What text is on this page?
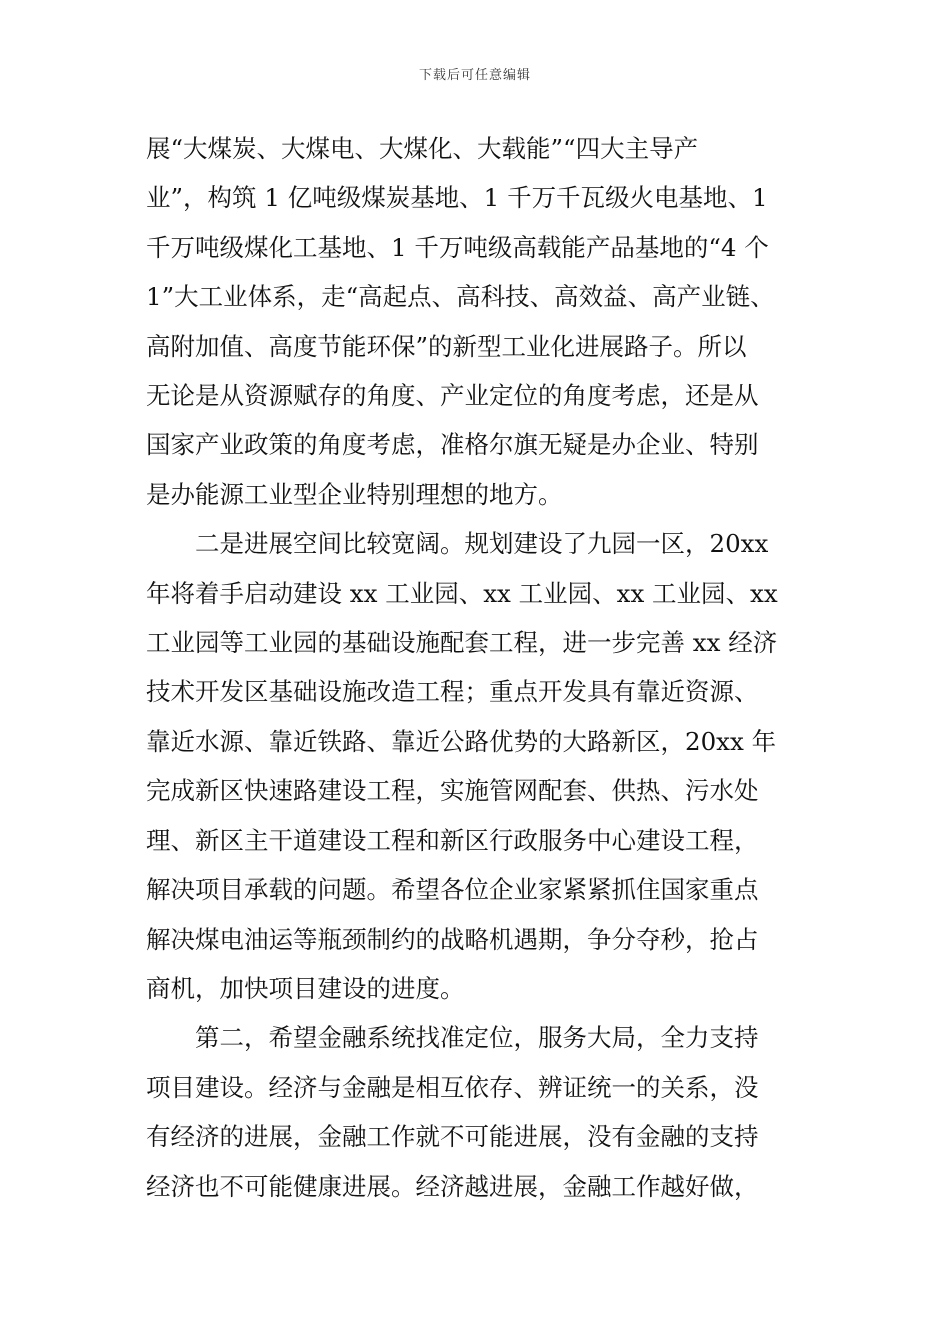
下载后可任意编辑
展“大煤炭、大煤电、大煤化、大载能”“四大主导产
业”，构筑 1 亿吨级煤炭基地、1 千万千瓦级火电基地、1
千万吨级煤化工基地、1 千万吨级高载能产品基地的“4 个
1”大工业体系，走“高起点、高科技、高效益、高产业链、
高附加值、高度节能环保”的新型工业化进展路子。所以
无论是从资源赋存的角度、产业定位的角度考虑，还是从
国家产业政策的角度考虑，准格尔旗无疑是办企业、特别
是办能源工业型企业特别理想的地方。
二是进展空间比较宽阔。规划建设了九园一区，20xx
年将着手启动建设 xx 工业园、xx 工业园、xx 工业园、xx
工业园等工业园的基础设施配套工程，进一步完善 xx 经济
技术开发区基础设施改造工程；重点开发具有靠近资源、
靠近水源、靠近铁路、靠近公路优势的大路新区，20xx 年
完成新区快速路建设工程，实施管网配套、供热、污水处
理、新区主干道建设工程和新区行政服务中心建设工程，
解决项目承载的问题。希望各位企业家紧紧抓住国家重点
解决煤电油运等瓶颈制约的战略机遇期，争分夺秒，抢占
商机，加快项目建设的进度。
第二，希望金融系统找准定位，服务大局，全力支持
项目建设。经济与金融是相互依存、辨证统一的关系，没
有经济的进展，金融工作就不可能进展，没有金融的支持
经济也不可能健康进展。经济越进展，金融工作越好做，
